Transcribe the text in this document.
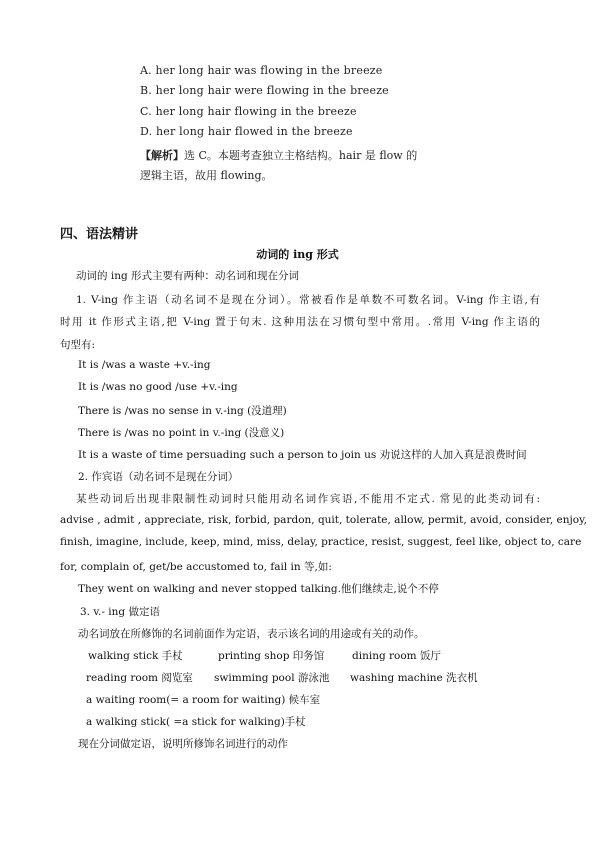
A. her long hair was flowing in the breeze
B. her long hair were flowing in the breeze
C. her long hair flowing in the breeze
D. her long hair flowed in the breeze
【解析】选 C。本题考查独立主格结构。hair 是 flow 的
逻辑主语，故用 flowing。
四、语法精讲
动词的 ing 形式
动词的 ing 形式主要有两种：动名词和现在分词
1. V-ing 作主语（动名词不是现在分词）。常被看作是单数不可数名词。V-ing 作主语,有
时用 it 作形式主语,把 V-ing 置于句末. 这种用法在习惯句型中常用。.常用 V-ing 作主语的
句型有:
It is /was a waste +v.-ing
It is /was no good /use +v.-ing
There is /was no sense in v.-ing (没道理)
There is /was no point in v.-ing (没意义)
It is a waste of time persuading such a person to join us 劝说这样的人加入真是浪费时间
2. 作宾语（动名词不是现在分词）
某些动词后出现非限制性动词时只能用动名词作宾语,不能用不定式. 常见的此类动词有:
advise , admit , appreciate, risk, forbid, pardon, quit, tolerate, allow, permit, avoid, consider, enjoy,
finish, imagine, include, keep, mind, miss, delay, practice, resist, suggest, feel like, object to, care
for, complain of, get/be accustomed to, fail in 等,如:
They went on walking and never stopped talking.他们继续走,说个不停
3. v.- ing 做定语
动名词放在所修饰的名词前面作为定语，表示该名词的用途或有关的动作。
walking stick 手杖	printing shop 印务馆	dining room 饭厅
reading room 阅览室 swimming pool 游泳池 washing machine 洗衣机
a waiting room(= a room for waiting) 候车室
a walking stick( =a stick for walking)手杖
现在分词做定语，说明所修饰名词进行的动作
